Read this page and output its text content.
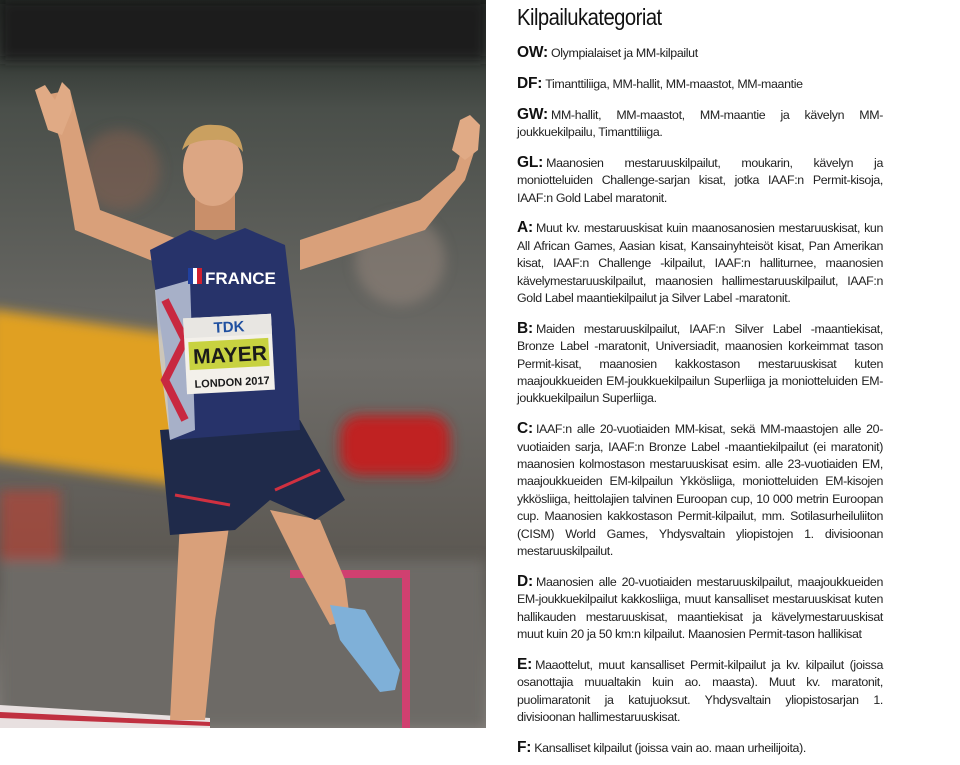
FRANCE
TDK
MAYER
LONDON 2017
Kilpailukategoriat

OW: Olympialaiset ja MM-kilpailut

DF: Timanttiliiga, MM-hallit, MM-maastot, MM-maantie

GW: MM-hallit, MM-maastot, MM-maantie ja kävelyn MM-joukkuekilpailu, Timanttiliiga.

GL: Maanosien mestaruuskilpailut, moukarin, kävelyn ja moniotteluiden Challenge-sarjan kisat, jotka IAAF:n Permit-kisoja, IAAF:n Gold Label maratonit.

A: Muut kv. mestaruuskisat kuin maanosanosien mestaruuskisat, kun All African Games, Aasian kisat, Kansainyhteisöt kisat, Pan Amerikan kisat, IAAF:n Challenge -kilpailut, IAAF:n halliturnee, maanosien kävelymestaruuskilpailut, maanosien hallimestaruuskilpailut, IAAF:n Gold Label maantiekilpailut ja Silver Label -maratonit.

B: Maiden mestaruuskilpailut, IAAF:n Silver Label -maantiekisat, Bronze Label -maratonit, Universiadit, maanosien korkeimmat tason Permit-kisat, maanosien kakkostason mestaruuskisat kuten maajoukkueiden EM-joukkuekilpailun Superliiga ja moniotteluiden EM-joukkuekilpailun Superliiga.

C: IAAF:n alle 20-vuotiaiden MM-kisat, sekä MM-maastojen alle 20-vuotiaiden sarja, IAAF:n Bronze Label -maantiekilpailut (ei maratonit) maanosien kolmostason mestaruuskisat esim. alle 23-vuotiaiden EM, maajoukkueiden EM-kilpailun Ykkösliiga, moniotteluiden EM-kisojen ykkösliiga, heittolajien talvinen Euroopan cup, 10 000 metrin Euroopan cup. Maanosien kakkostason Permit-kilpailut, mm. Sotilasurheiluliiton (CISM) World Games, Yhdysvaltain yliopistojen 1. divisioonan mestaruuskilpailut.

D: Maanosien alle 20-vuotiaiden mestaruuskilpailut, maajoukkueiden EM-joukkuekilpailut kakkosliiga, muut kansalliset mestaruuskisat kuten hallikauden mestaruuskisat, maantiekisat ja kävelymestaruuskisat muut kuin 20 ja 50 km:n kilpailut. Maanosien Permit-tason hallikisat

E: Maaottelut, muut kansalliset Permit-kilpailut ja kv. kilpailut (joissa osanottajia muualtakin kuin ao. maasta). Muut kv. maratonit, puolimaratonit ja katujuoksut. Yhdysvaltain yliopistosarjan 1. divisioonan hallimestaruuskisat.

F: Kansalliset kilpailut (joissa vain ao. maan urheilijoita).
